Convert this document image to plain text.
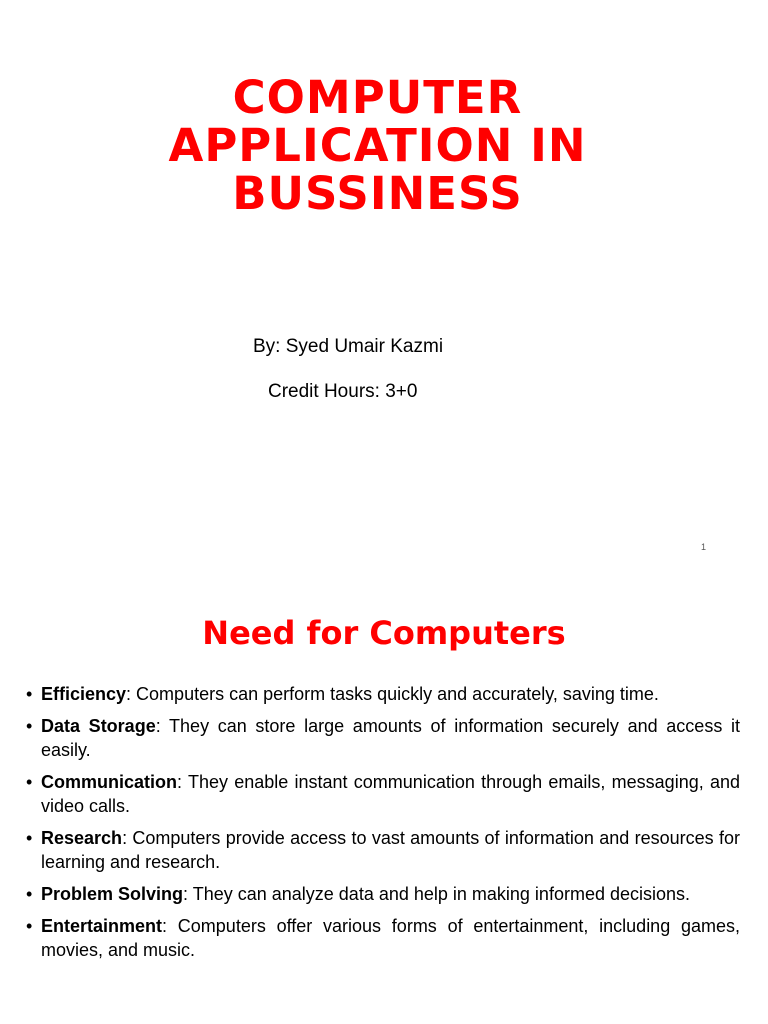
COMPUTER
APPLICATION IN
BUSSINESS
By: Syed Umair Kazmi
Credit Hours: 3+0
1
Need for Computers
• Efficiency: Computers can perform tasks quickly and accurately, saving time.
• Data Storage: They can store large amounts of information securely and access it easily.
• Communication: They enable instant communication through emails, messaging, and video calls.
• Research: Computers provide access to vast amounts of information and resources for learning and research.
• Problem Solving: They can analyze data and help in making informed decisions.
• Entertainment: Computers offer various forms of entertainment, including games, movies, and music.
